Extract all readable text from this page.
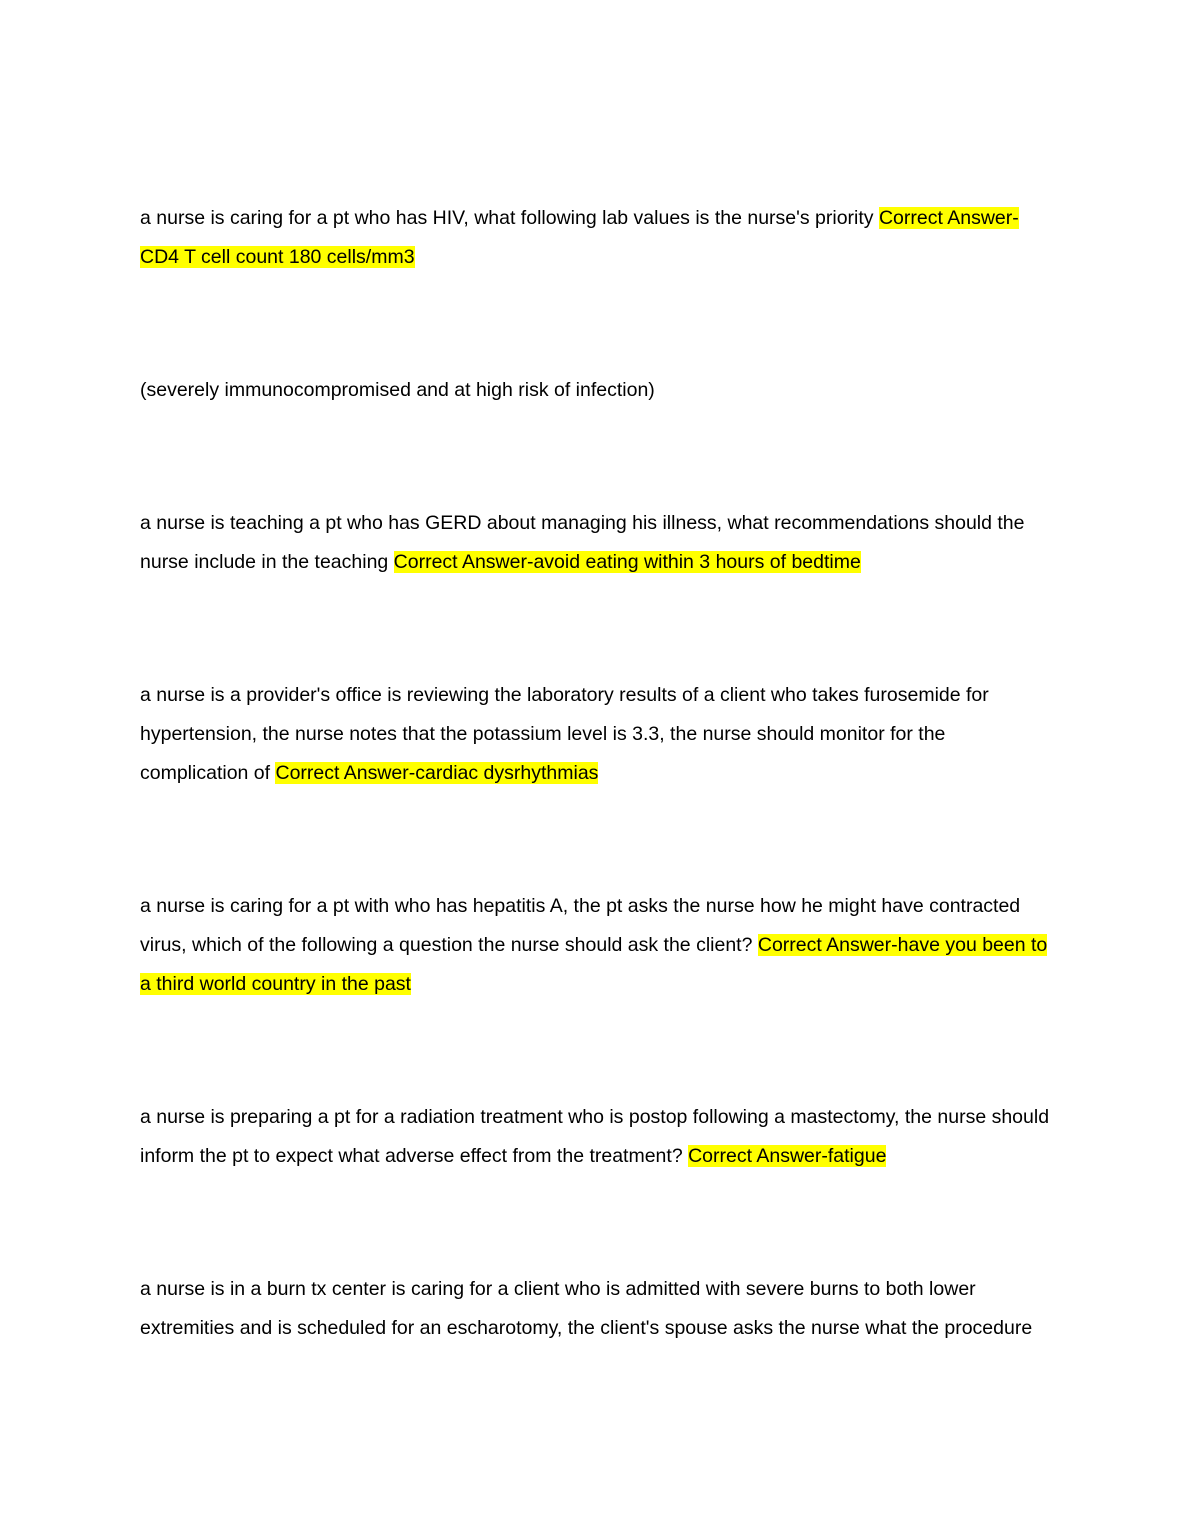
a nurse is caring for a pt who has HIV, what following lab values is the nurse's priority Correct Answer-CD4 T cell count 180 cells/mm3

(severely immunocompromised and at high risk of infection)

a nurse is teaching a pt who has GERD about managing his illness, what recommendations should the nurse include in the teaching Correct Answer-avoid eating within 3 hours of bedtime

a nurse is a provider's office is reviewing the laboratory results of a client who takes furosemide for hypertension, the nurse notes that the potassium level is 3.3, the nurse should monitor for the complication of Correct Answer-cardiac dysrhythmias

a nurse is caring for a pt with who has hepatitis A, the pt asks the nurse how he might have contracted virus, which of the following a question the nurse should ask the client? Correct Answer-have you been to a third world country in the past

a nurse is preparing a pt for a radiation treatment who is postop following a mastectomy, the nurse should inform the pt to expect what adverse effect from the treatment? Correct Answer-fatigue

a nurse is in a burn tx center is caring for a client who is admitted with severe burns to both lower extremities and is scheduled for an escharotomy, the client's spouse asks the nurse what the procedure
